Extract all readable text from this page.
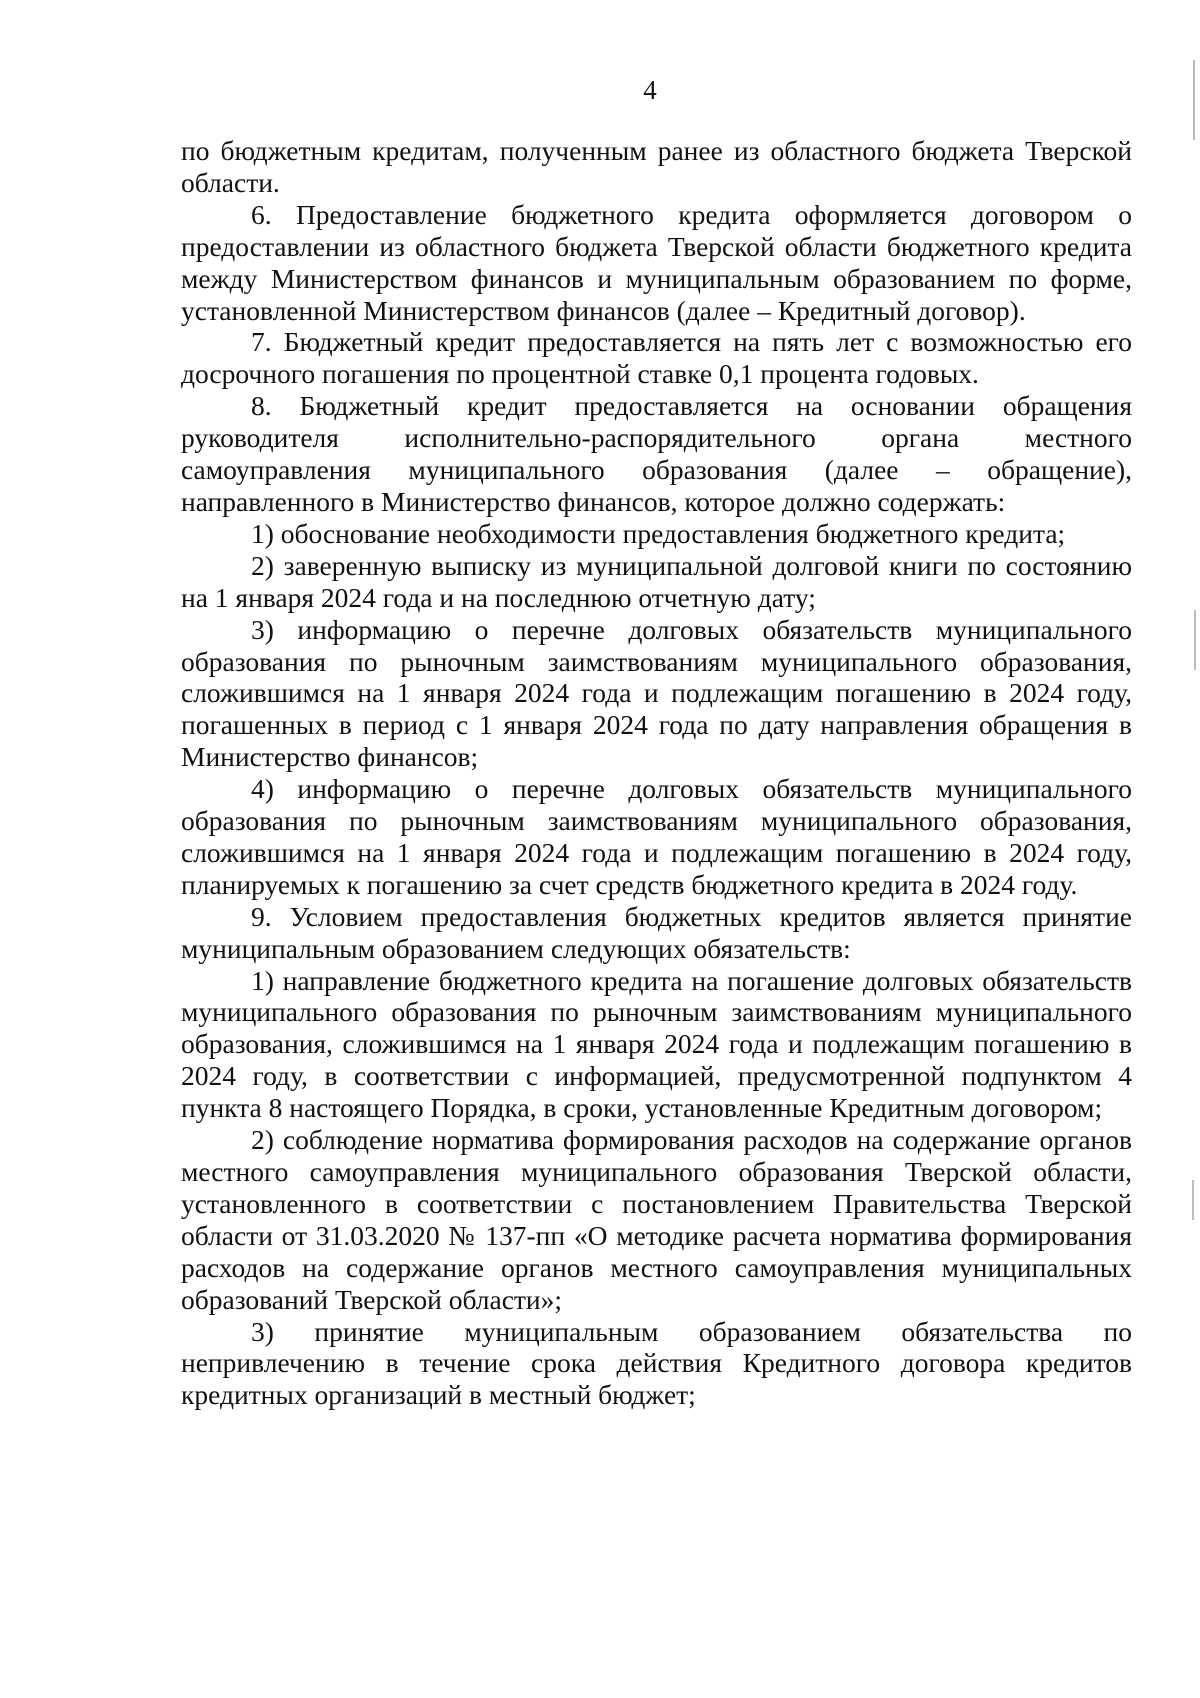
4

по бюджетным кредитам, полученным ранее из областного бюджета Тверской области.

6. Предоставление бюджетного кредита оформляется договором о предоставлении из областного бюджета Тверской области бюджетного кредита между Министерством финансов и муниципальным образованием по форме, установленной Министерством финансов (далее – Кредитный договор).

7. Бюджетный кредит предоставляется на пять лет с возможностью его досрочного погашения по процентной ставке 0,1 процента годовых.

8. Бюджетный кредит предоставляется на основании обращения руководителя исполнительно-распорядительного органа местного самоуправления муниципального образования (далее – обращение), направленного в Министерство финансов, которое должно содержать:

1) обоснование необходимости предоставления бюджетного кредита;

2) заверенную выписку из муниципальной долговой книги по состоянию на 1 января 2024 года и на последнюю отчетную дату;

3) информацию о перечне долговых обязательств муниципального образования по рыночным заимствованиям муниципального образования, сложившимся на 1 января 2024 года и подлежащим погашению в 2024 году, погашенных в период с 1 января 2024 года по дату направления обращения в Министерство финансов;

4) информацию о перечне долговых обязательств муниципального образования по рыночным заимствованиям муниципального образования, сложившимся на 1 января 2024 года и подлежащим погашению в 2024 году, планируемых к погашению за счет средств бюджетного кредита в 2024 году.

9. Условием предоставления бюджетных кредитов является принятие муниципальным образованием следующих обязательств:

1) направление бюджетного кредита на погашение долговых обязательств муниципального образования по рыночным заимствованиям муниципального образования, сложившимся на 1 января 2024 года и подлежащим погашению в 2024 году, в соответствии с информацией, предусмотренной подпунктом 4 пункта 8 настоящего Порядка, в сроки, установленные Кредитным договором;

2) соблюдение норматива формирования расходов на содержание органов местного самоуправления муниципального образования Тверской области, установленного в соответствии с постановлением Правительства Тверской области от 31.03.2020 № 137-пп «О методике расчета норматива формирования расходов на содержание органов местного самоуправления муниципальных образований Тверской области»;

3) принятие муниципальным образованием обязательства по непривлечению в течение срока действия Кредитного договора кредитов кредитных организаций в местный бюджет;
